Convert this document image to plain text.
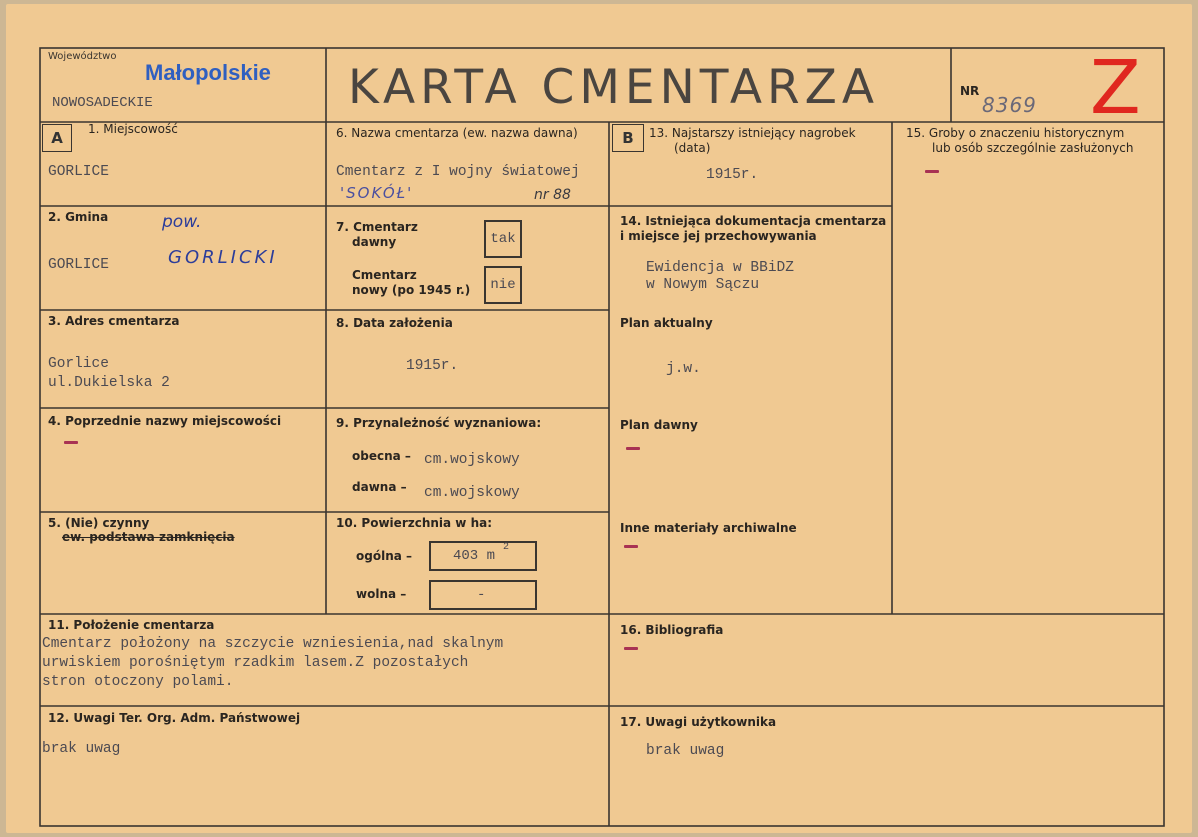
Województwo
Małopolskie
NOWOSADECKIE	KARTA CMENTARZA	NR
8369 Z
A	B
1. Miejscowość
GORLICE
2. Gmina	pow.
GORLICE	GORLICKI
3. Adres cmentarza
Gorlice
ul.Dukielska 2
4. Poprzednie nazwy miejscowości
5. (Nie) czynny
ew. podstawa zamknięcia
6. Nazwa cmentarza (ew. nazwa dawna)
Cmentarz z I wojny światowej
'SOKÓŁ'	nr 88
7. Cmentarz
dawny	tak
Cmentarz
nowy (po 1945 r.)	nie
8. Data założenia
1915r.
9. Przynależność wyznaniowa:
obecna – cm.wojskowy
dawna – cm.wojskowy
10. Powierzchnia w ha:
ogólna –	403 m
2
wolna –	-
11. Położenie cmentarza
Cmentarz położony na szczycie wzniesienia,nad skalnym
urwiskiem porośniętym rzadkim lasem.Z pozostałych
stron otoczony polami.
12. Uwagi Ter. Org. Adm. Państwowej
brak uwag
13. Najstarszy istniejący nagrobek
(data)
1915r.
14. Istniejąca dokumentacja cmentarza
i miejsce jej przechowywania
Ewidencja w BBiDZ
w Nowym Sączu
Plan aktualny
j.w.
Plan dawny
Inne materiały archiwalne
15. Groby o znaczeniu historycznym
lub osób szczególnie zasłużonych
16. Bibliografia
17. Uwagi użytkownika
brak uwag
